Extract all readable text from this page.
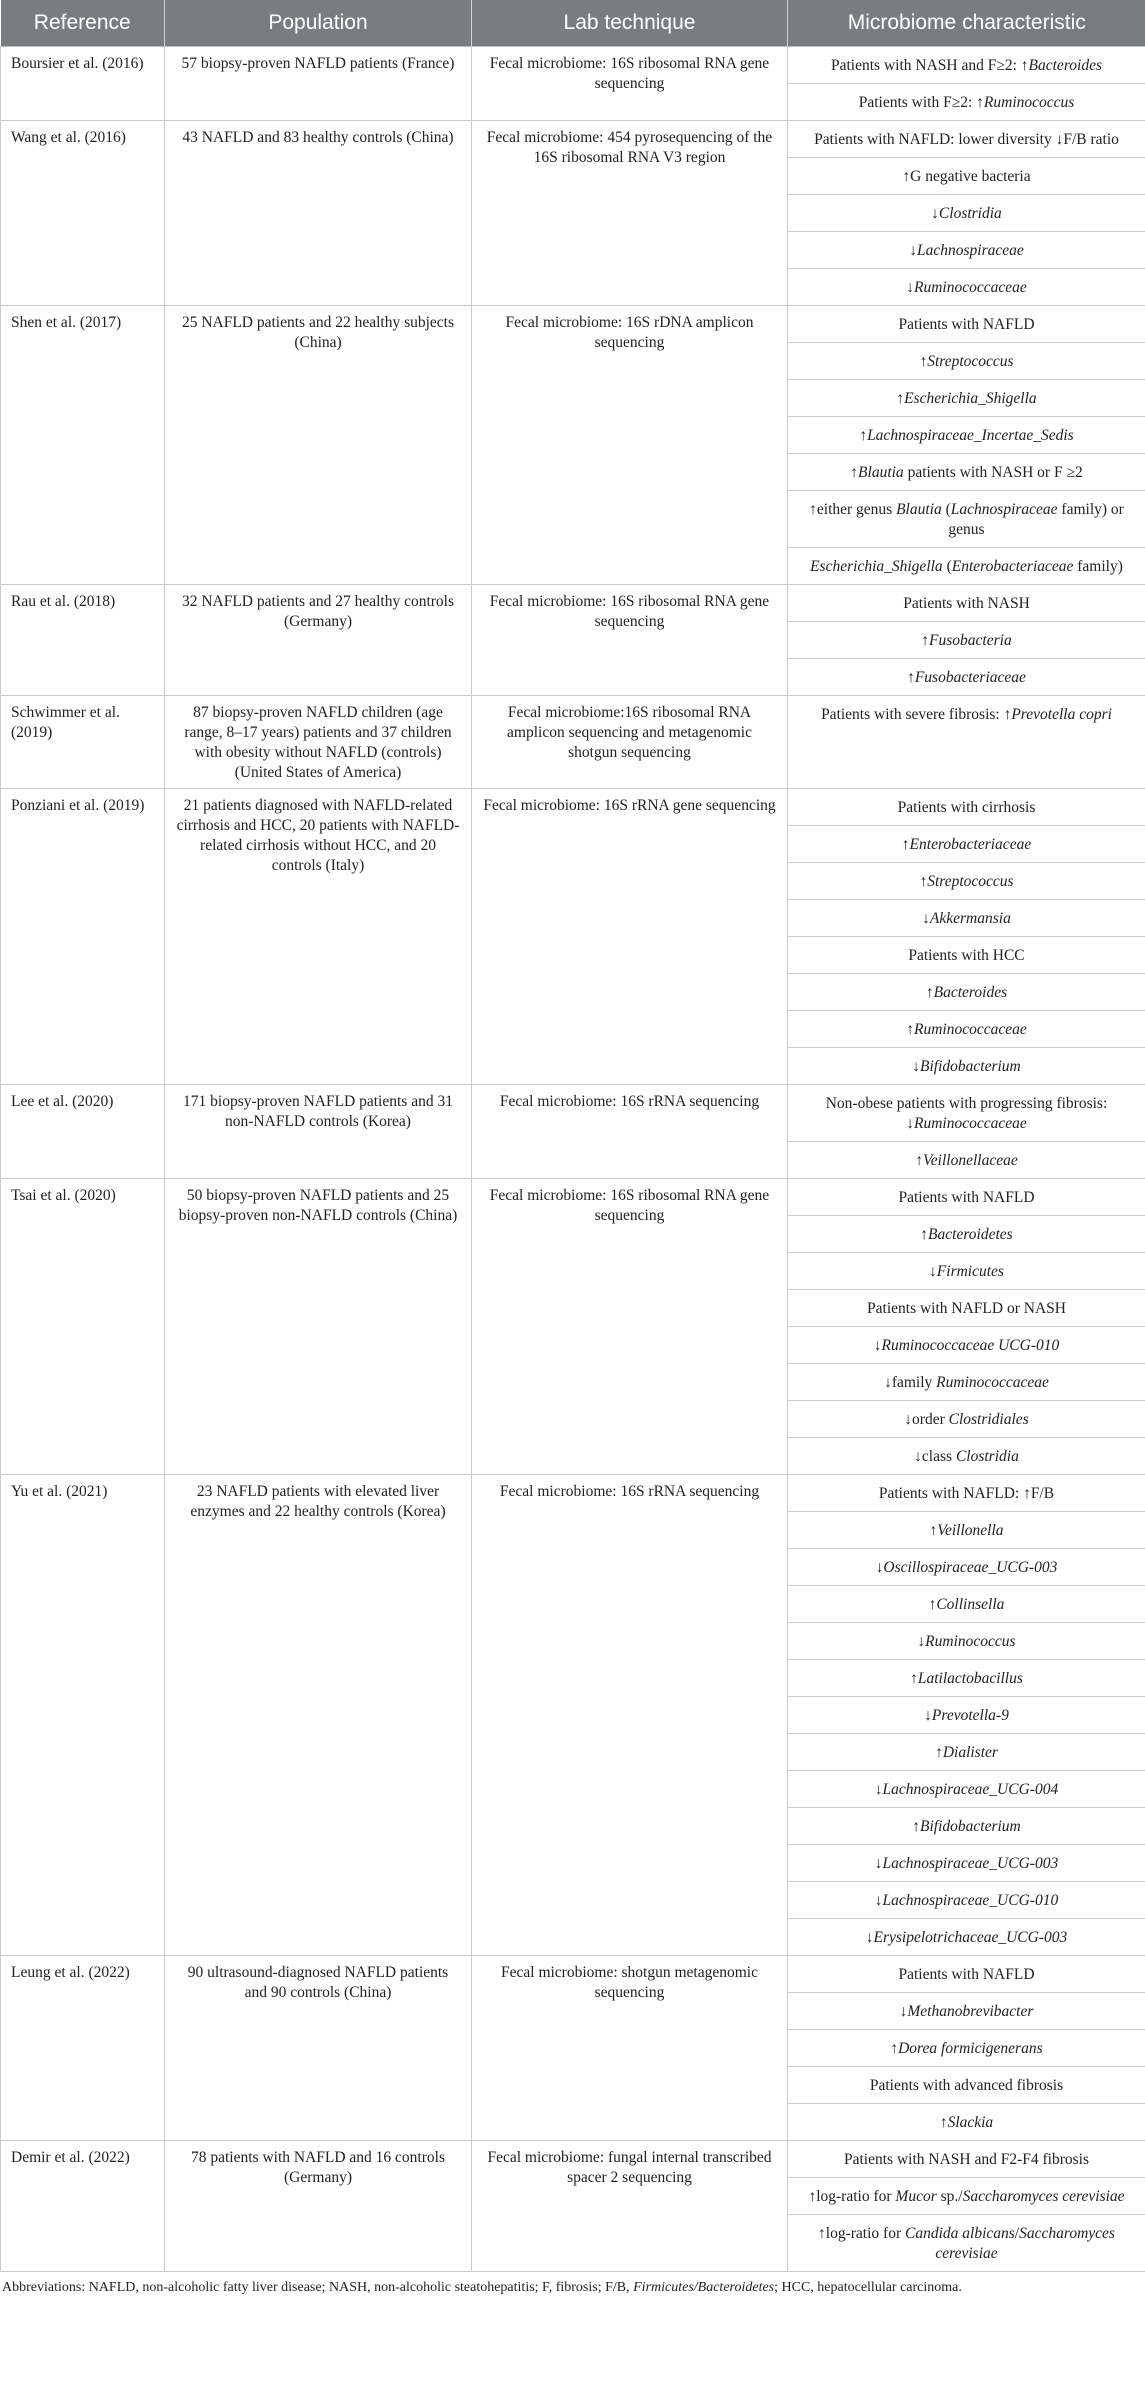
Reference	Population	Lab technique	Microbiome characteristic
Boursier et al. (2016)	57 biopsy-proven NAFLD patients (France)	Fecal microbiome: 16S ribosomal RNA gene sequencing	Patients with NASH and F≥2: ↑Bacteroides
			Patients with F≥2: ↑Ruminococcus
Wang et al. (2016)	43 NAFLD and 83 healthy controls (China)	Fecal microbiome: 454 pyrosequencing of the 16S ribosomal RNA V3 region	Patients with NAFLD: lower diversity ↓F/B ratio
			↑G negative bacteria
			↓Clostridia
			↓Lachnospiraceae
			↓Ruminococcaceae
Shen et al. (2017)	25 NAFLD patients and 22 healthy subjects (China)	Fecal microbiome: 16S rDNA amplicon sequencing	Patients with NAFLD
			↑Streptococcus
			↑Escherichia_Shigella
			↑Lachnospiraceae_Incertae_Sedis
			↑Blautia patients with NASH or F ≥2
			↑either genus Blautia (Lachnospiraceae family) or genus
			Escherichia_Shigella (Enterobacteriaceae family)
Rau et al. (2018)	32 NAFLD patients and 27 healthy controls (Germany)	Fecal microbiome: 16S ribosomal RNA gene sequencing	Patients with NASH
			↑Fusobacteria
			↑Fusobacteriaceae
Schwimmer et al. (2019)	87 biopsy-proven NAFLD children (age range, 8–17 years) patients and 37 children with obesity without NAFLD (controls) (United States of America)	Fecal microbiome:16S ribosomal RNA amplicon sequencing and metagenomic shotgun sequencing	Patients with severe fibrosis: ↑Prevotella copri
Ponziani et al. (2019)	21 patients diagnosed with NAFLD-related cirrhosis and HCC, 20 patients with NAFLD-related cirrhosis without HCC, and 20 controls (Italy)	Fecal microbiome: 16S rRNA gene sequencing	Patients with cirrhosis
			↑Enterobacteriaceae
			↑Streptococcus
			↓Akkermansia
			Patients with HCC
			↑Bacteroides
			↑Ruminococcaceae
			↓Bifidobacterium
Lee et al. (2020)	171 biopsy-proven NAFLD patients and 31 non-NAFLD controls (Korea)	Fecal microbiome: 16S rRNA sequencing	Non-obese patients with progressing fibrosis: ↓Ruminococcaceae
			↑Veillonellaceae
Tsai et al. (2020)	50 biopsy-proven NAFLD patients and 25 biopsy-proven non-NAFLD controls (China)	Fecal microbiome: 16S ribosomal RNA gene sequencing	Patients with NAFLD
			↑Bacteroidetes
			↓Firmicutes
			Patients with NAFLD or NASH
			↓Ruminococcaceae UCG-010
			↓family Ruminococcaceae
			↓order Clostridiales
			↓class Clostridia
Yu et al. (2021)	23 NAFLD patients with elevated liver enzymes and 22 healthy controls (Korea)	Fecal microbiome: 16S rRNA sequencing	Patients with NAFLD: ↑F/B
			↑Veillonella
			↓Oscillospiraceae_UCG-003
			↑Collinsella
			↓Ruminococcus
			↑Latilactobacillus
			↓Prevotella-9
			↑Dialister
			↓Lachnospiraceae_UCG-004
			↑Bifidobacterium
			↓Lachnospiraceae_UCG-003
			↓Lachnospiraceae_UCG-010
			↓Erysipelotrichaceae_UCG-003
Leung et al. (2022)	90 ultrasound-diagnosed NAFLD patients and 90 controls (China)	Fecal microbiome: shotgun metagenomic sequencing	Patients with NAFLD
			↓Methanobrevibacter
			↑Dorea formicigenerans
			Patients with advanced fibrosis
			↑Slackia
Demir et al. (2022)	78 patients with NAFLD and 16 controls (Germany)	Fecal microbiome: fungal internal transcribed spacer 2 sequencing	Patients with NASH and F2-F4 fibrosis
			↑log-ratio for Mucor sp./Saccharomyces cerevisiae
			↑log-ratio for Candida albicans/Saccharomyces cerevisiae
Abbreviations: NAFLD, non-alcoholic fatty liver disease; NASH, non-alcoholic steatohepatitis; F, fibrosis; F/B, Firmicutes/Bacteroidetes; HCC, hepatocellular carcinoma.
